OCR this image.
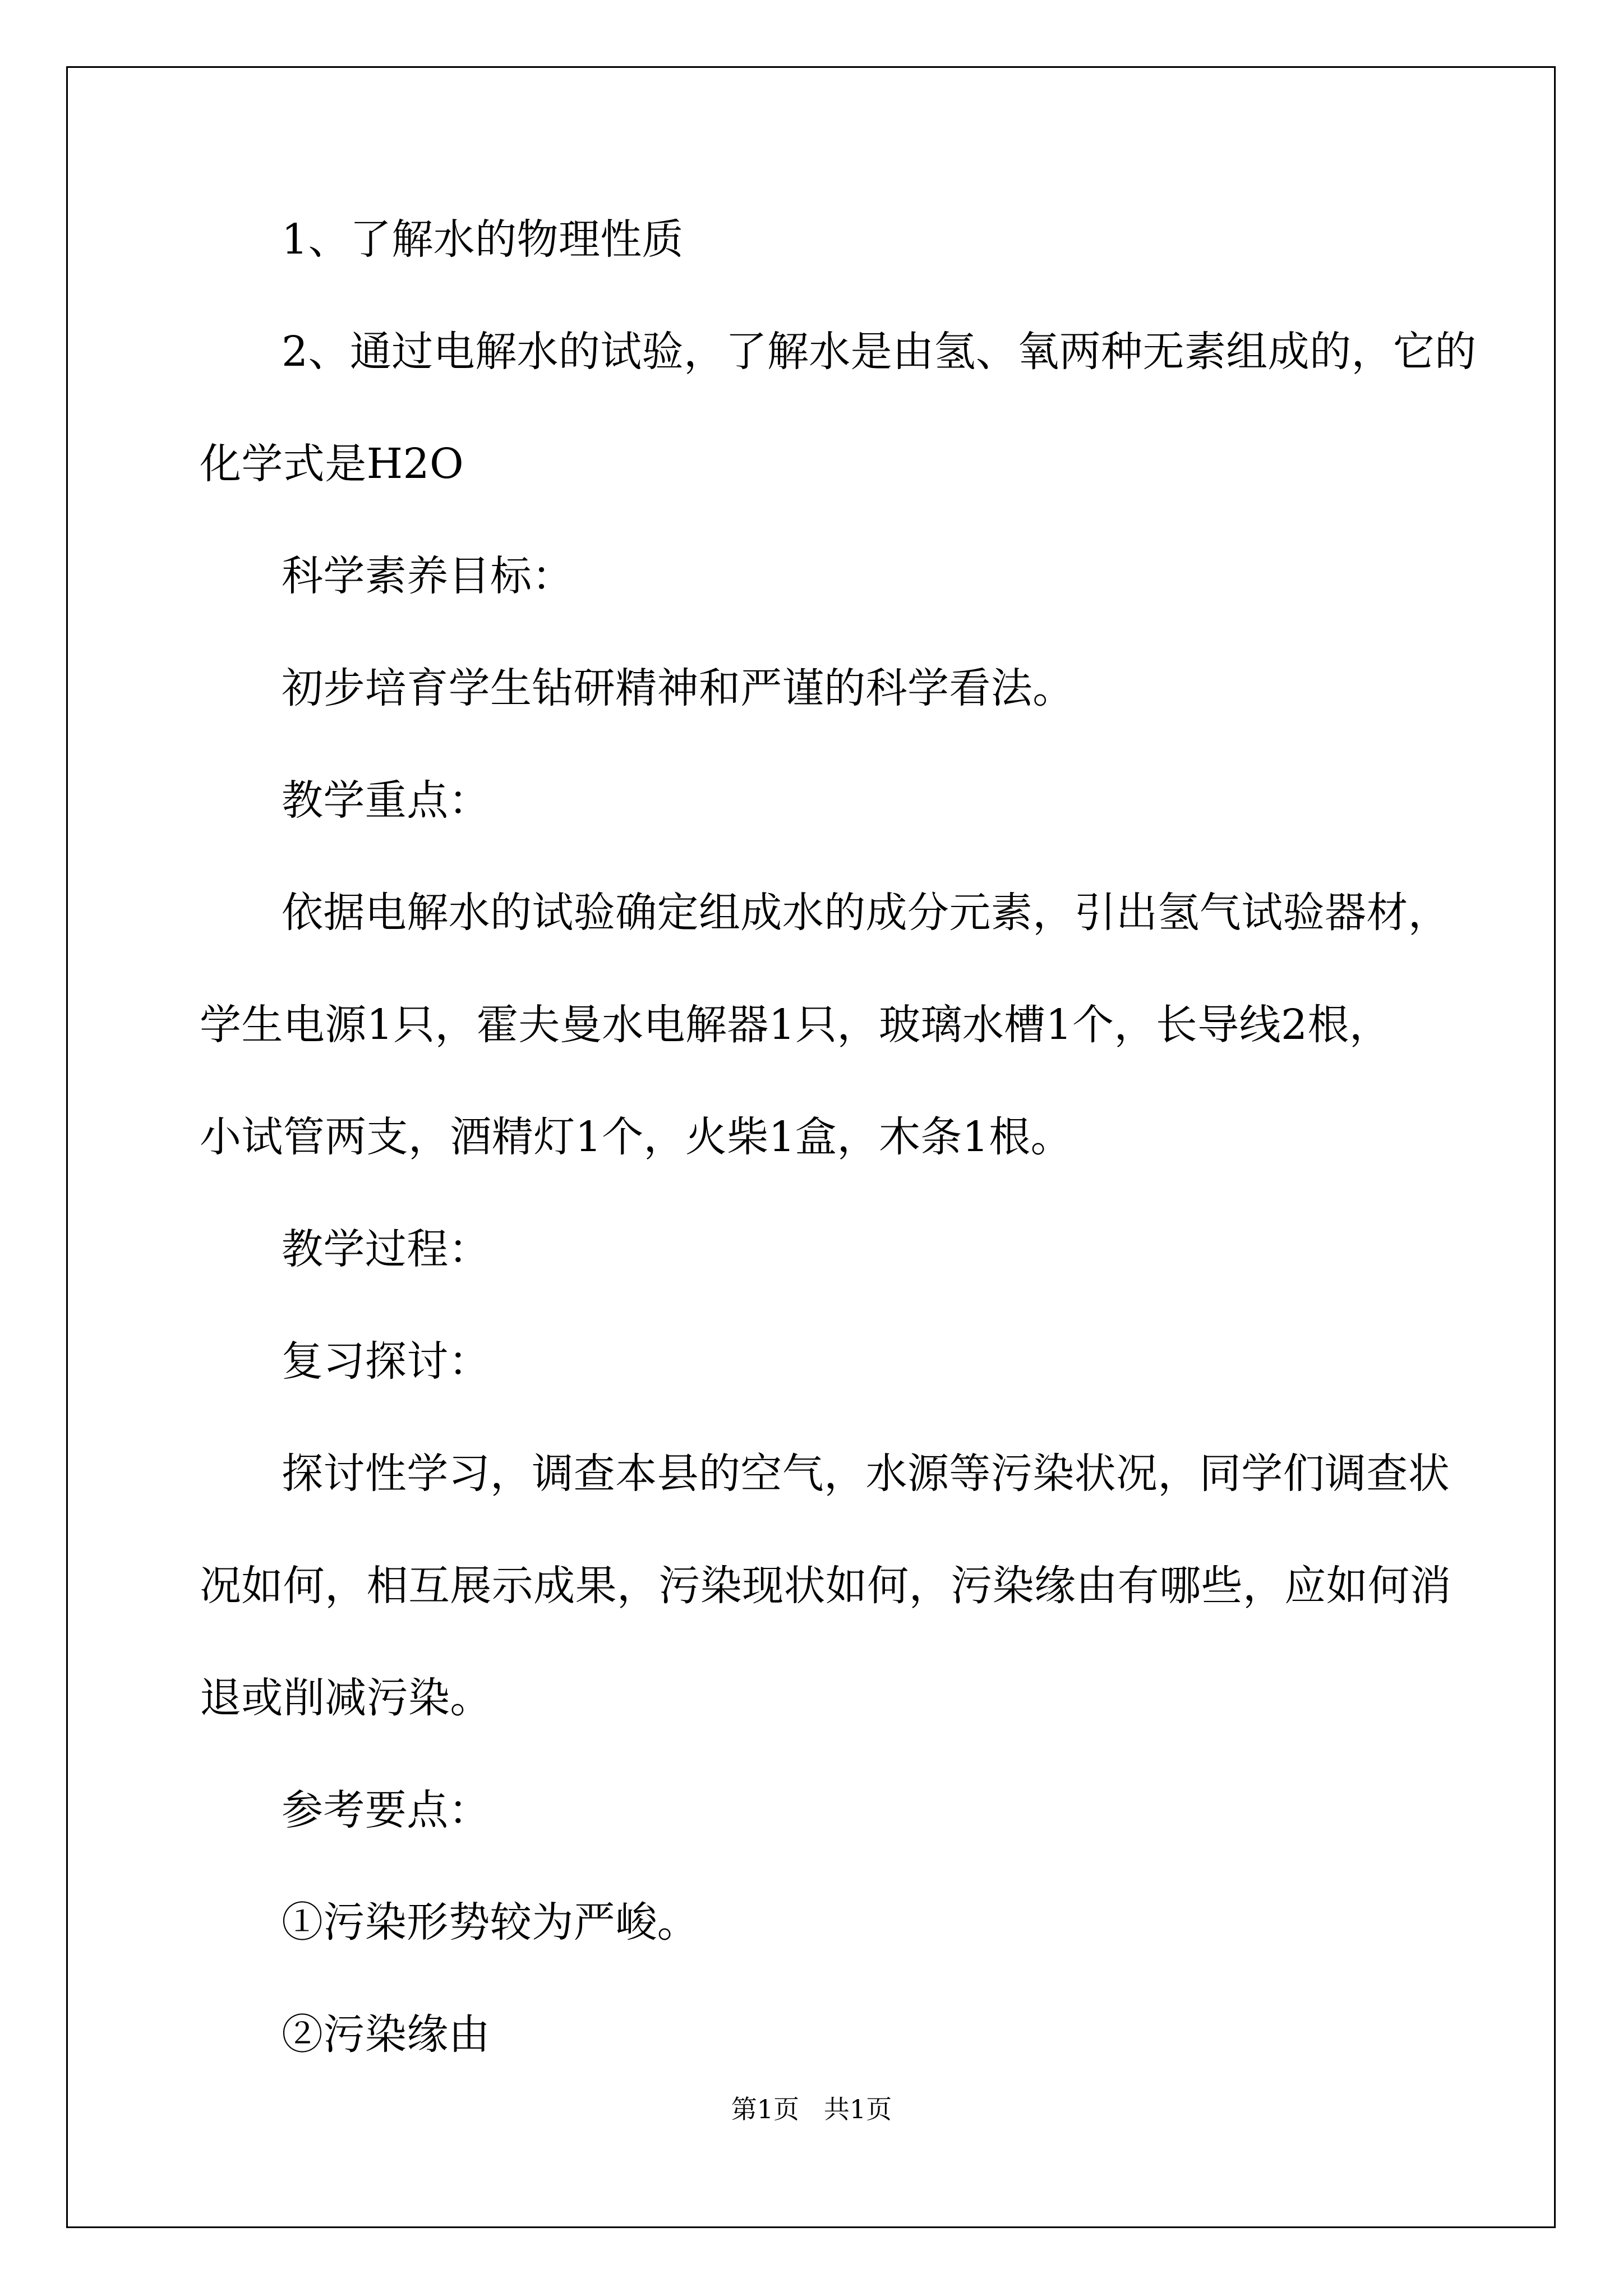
1、了解水的物理性质
2、通过电解水的试验，了解水是由氢、氧两种无素组成的，它的
化学式是H2O
科学素养目标：
初步培育学生钻研精神和严谨的科学看法。
教学重点：
依据电解水的试验确定组成水的成分元素，引出氢气试验器材，
学生电源1只，霍夫曼水电解器1只，玻璃水槽1个，长导线2根，
小试管两支，酒精灯1个，火柴1盒，木条1根。
教学过程：
复习探讨：
探讨性学习，调查本县的空气，水源等污染状况，同学们调查状
况如何，相互展示成果，污染现状如何，污染缘由有哪些，应如何消
退或削减污染。
参考要点：
①污染形势较为严峻。
②污染缘由
第1页   共1页
